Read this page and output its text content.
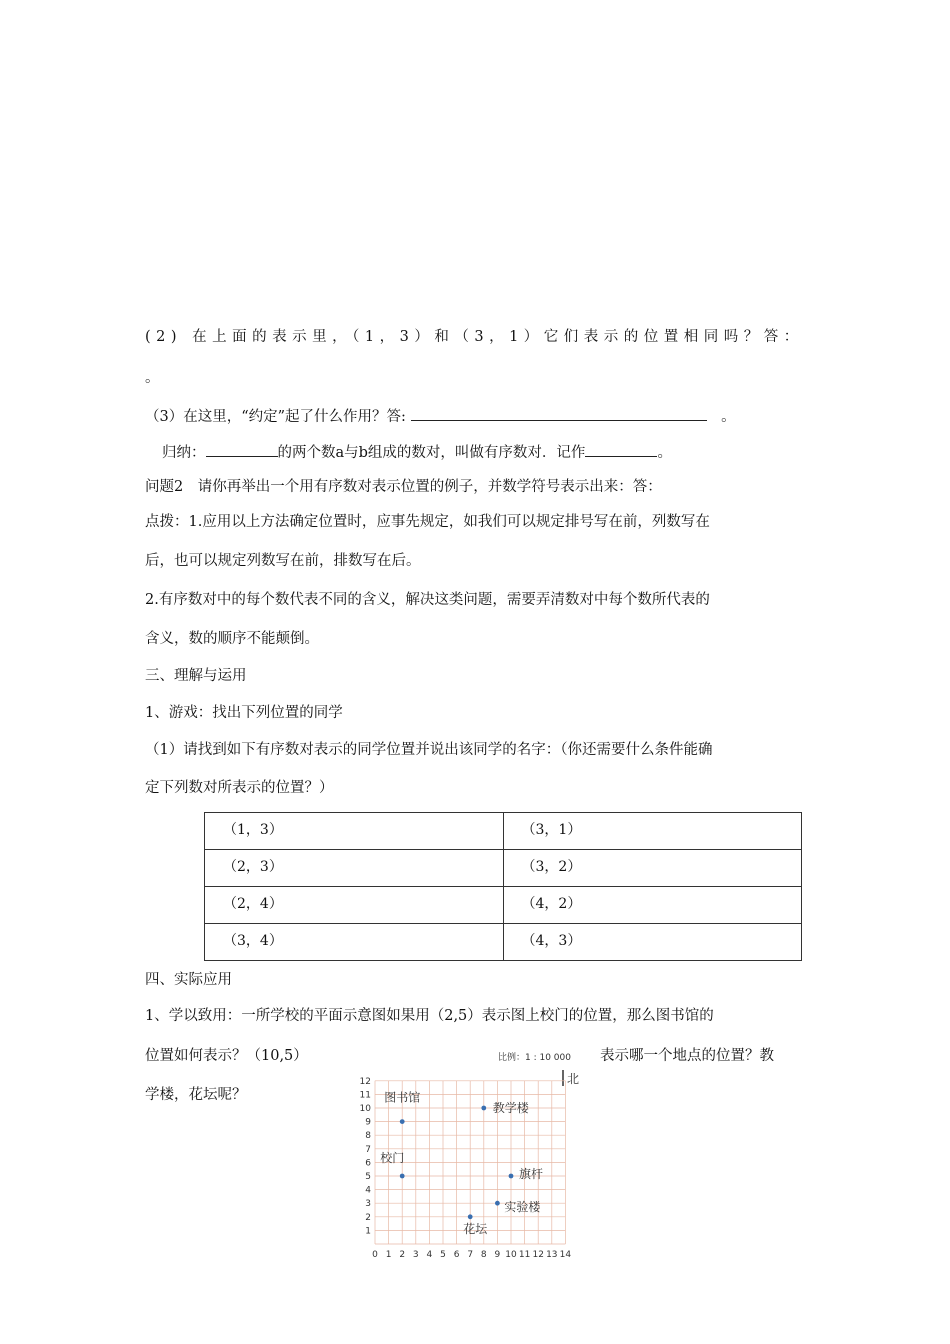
(2) 在上面的表示里，（1，3）和（3，1）它们表示的位置相同吗？答：
。
（3）在这里，“约定”起了什么作用？答:	。
归纳：	的两个数a与b组成的数对，叫做有序数对．记作	。
问题2　请你再举出一个用有序数对表示位置的例子，并数学符号表示出来：答：
点拨：1.应用以上方法确定位置时，应事先规定，如我们可以规定排号写在前，列数写在
后，也可以规定列数写在前，排数写在后。
2.有序数对中的每个数代表不同的含义，解决这类问题，需要弄清数对中每个数所代表的
含义，数的顺序不能颠倒。
三、理解与运用
1、游戏：找出下列位置的同学
（1）请找到如下有序数对表示的同学位置并说出该同学的名字：（你还需要什么条件能确
定下列数对所表示的位置？）
（1，3）	（3，1）
（2，3）	（3，2）
（2，4）	（4，2）
（3，4）	（4，3）
四、实际应用
1、学以致用：一所学校的平面示意图如果用（2,5）表示图上校门的位置，那么图书馆的
位置如何表示？（10,5）	表示哪一个地点的位置？教
学楼，花坛呢？
比例：1 : 10 000
北
1
2
3
4
5
6
7
8
9
10
11
12
0 1 2 3 4 5 6 7 8 9 10 11 12 13 14
图书馆
教学楼
校门
旗杆
实验楼
花坛
